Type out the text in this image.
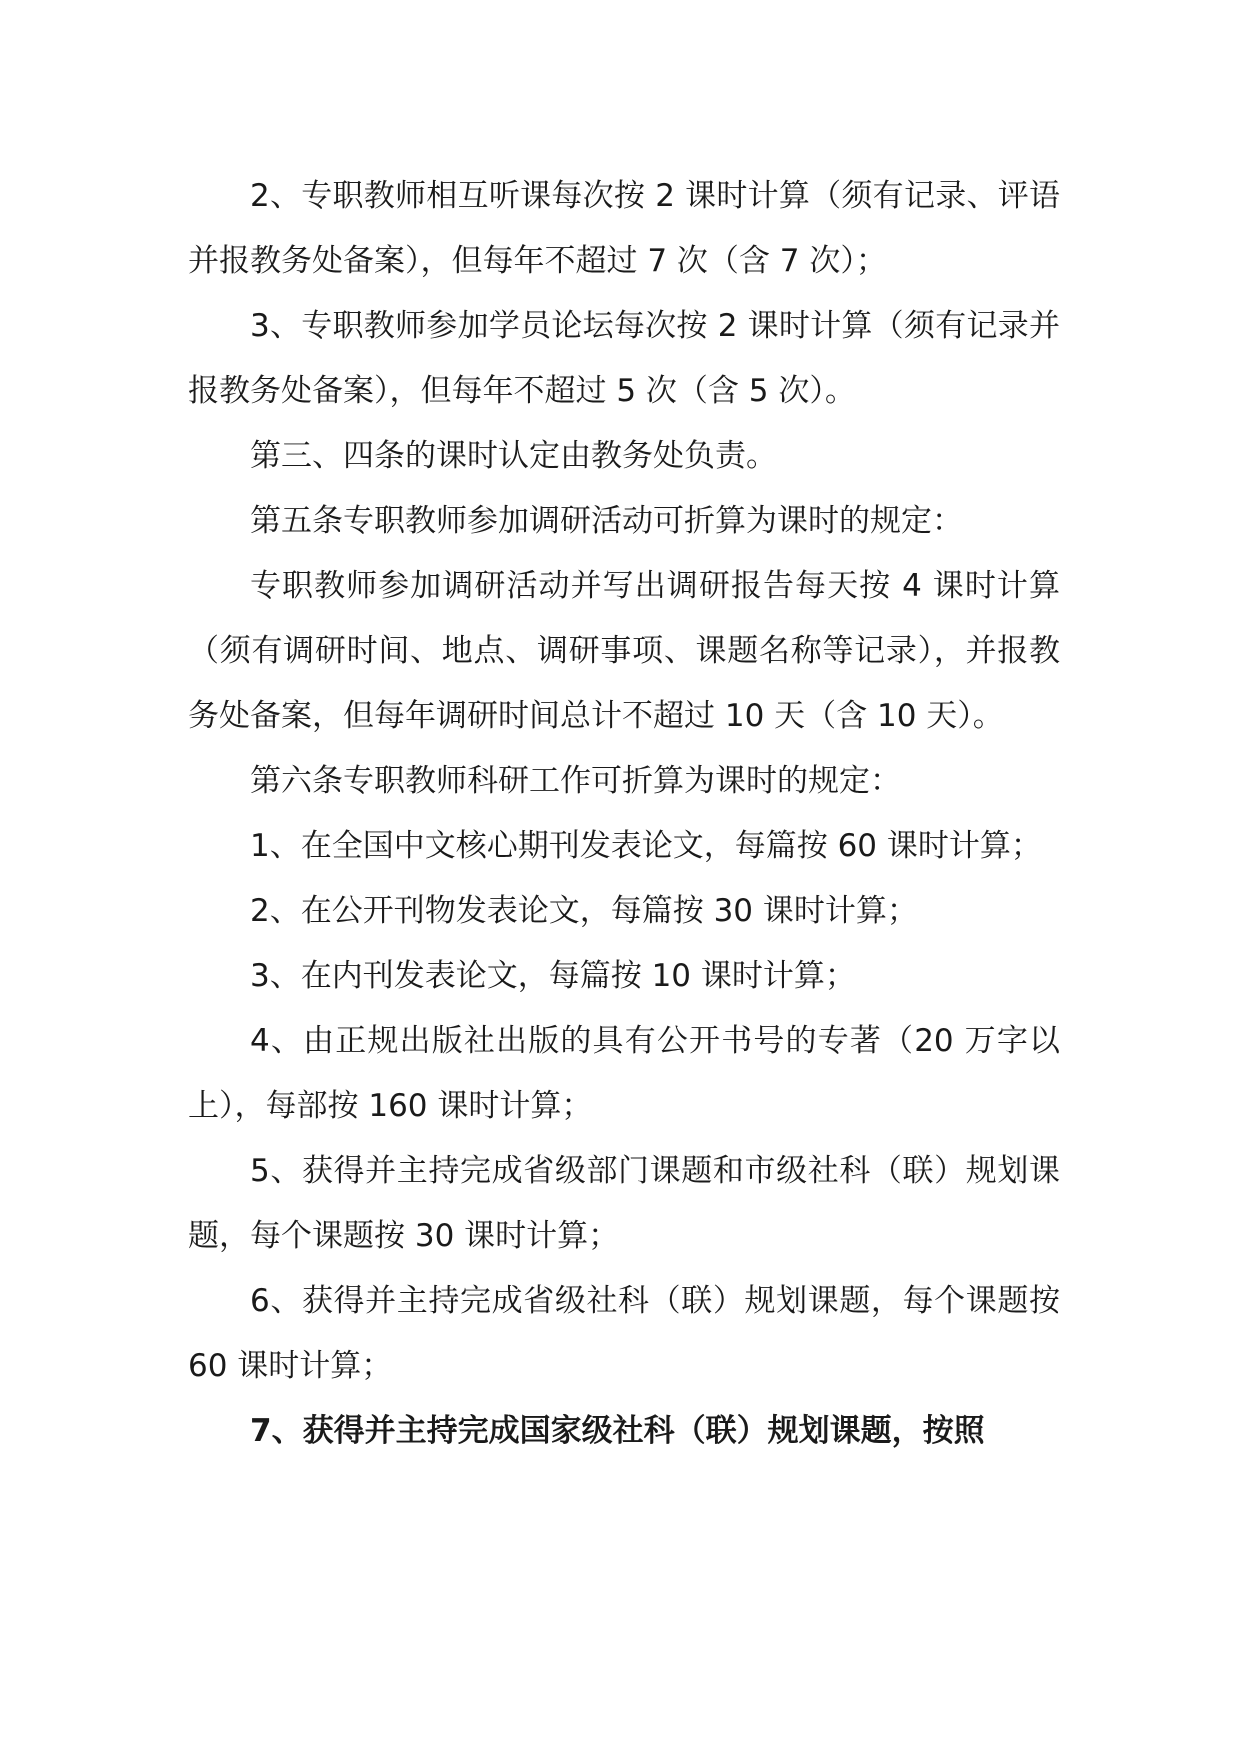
2、专职教师相互听课每次按 2 课时计算（须有记录、评语并报教务处备案），但每年不超过 7 次（含 7 次）；

3、专职教师参加学员论坛每次按 2 课时计算（须有记录并报教务处备案），但每年不超过 5 次（含 5 次）。

第三、四条的课时认定由教务处负责。

第五条专职教师参加调研活动可折算为课时的规定：

专职教师参加调研活动并写出调研报告每天按 4 课时计算（须有调研时间、地点、调研事项、课题名称等记录），并报教务处备案，但每年调研时间总计不超过 10 天（含 10 天）。

第六条专职教师科研工作可折算为课时的规定：

1、在全国中文核心期刊发表论文，每篇按 60 课时计算；

2、在公开刊物发表论文，每篇按 30 课时计算；

3、在内刊发表论文，每篇按 10 课时计算；

4、由正规出版社出版的具有公开书号的专著（20 万字以上），每部按 160 课时计算；

5、获得并主持完成省级部门课题和市级社科（联）规划课题，每个课题按 30 课时计算；

6、获得并主持完成省级社科（联）规划课题，每个课题按 60 课时计算；

7、获得并主持完成国家级社科（联）规划课题，按照
